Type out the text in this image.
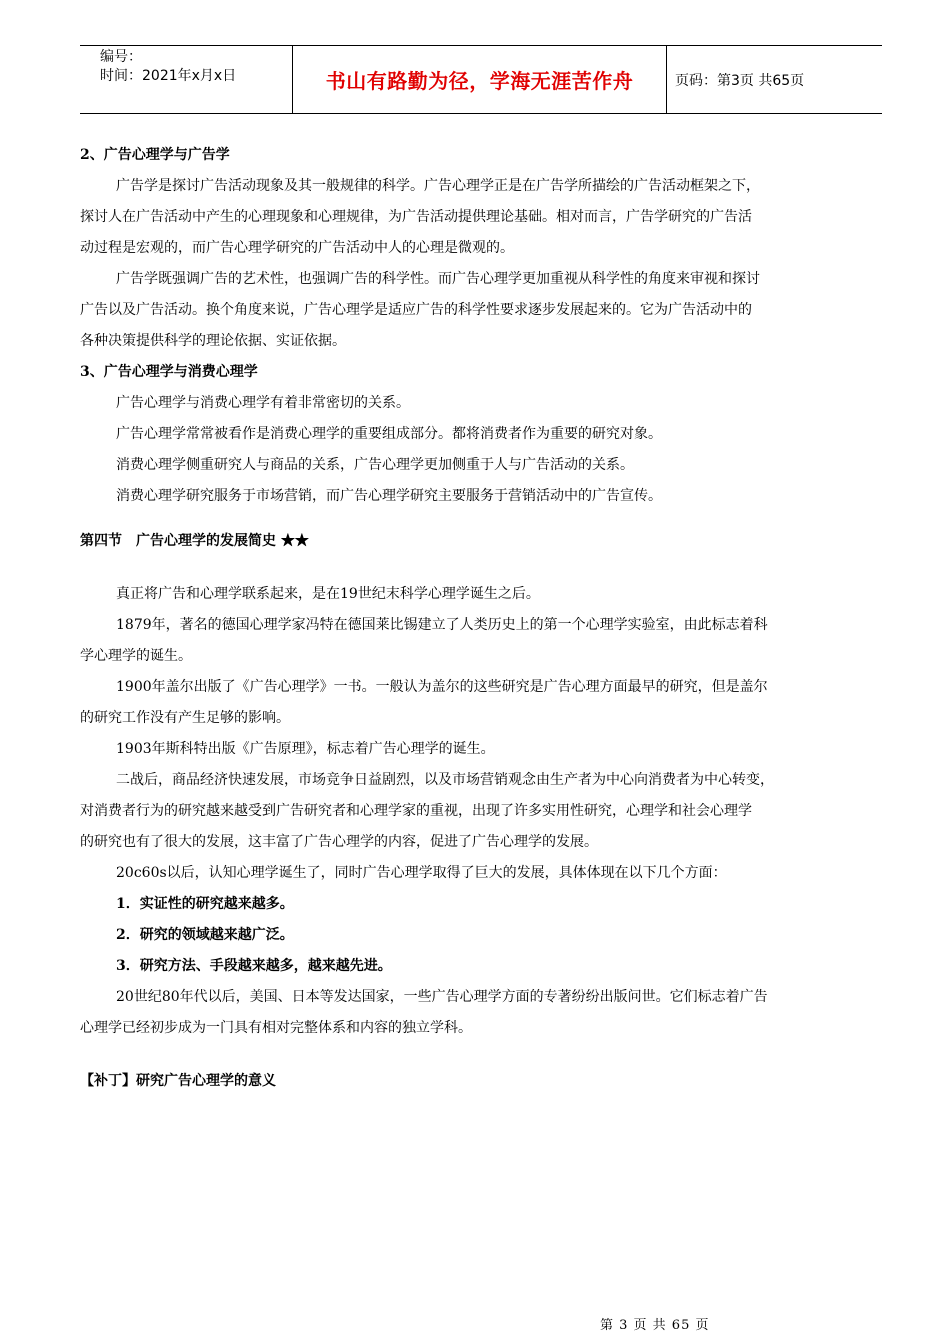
编号：
时间：2021年x月x日	书山有路勤为径，学海无涯苦作舟	页码：第3页 共65页
2、广告心理学与广告学
广告学是探讨广告活动现象及其一般规律的科学。广告心理学正是在广告学所描绘的广告活动框架之下，
探讨人在广告活动中产生的心理现象和心理规律，为广告活动提供理论基础。相对而言，广告学研究的广告活
动过程是宏观的，而广告心理学研究的广告活动中人的心理是微观的。
广告学既强调广告的艺术性，也强调广告的科学性。而广告心理学更加重视从科学性的角度来审视和探讨
广告以及广告活动。换个角度来说，广告心理学是适应广告的科学性要求逐步发展起来的。它为广告活动中的
各种决策提供科学的理论依据、实证依据。
3、广告心理学与消费心理学
广告心理学与消费心理学有着非常密切的关系。
广告心理学常常被看作是消费心理学的重要组成部分。都将消费者作为重要的研究对象。
消费心理学侧重研究人与商品的关系，广告心理学更加侧重于人与广告活动的关系。
消费心理学研究服务于市场营销，而广告心理学研究主要服务于营销活动中的广告宣传。
第四节　广告心理学的发展简史 ★★
真正将广告和心理学联系起来，是在19世纪末科学心理学诞生之后。
1879年，著名的德国心理学家冯特在德国莱比锡建立了人类历史上的第一个心理学实验室，由此标志着科
学心理学的诞生。
1900年盖尔出版了《广告心理学》一书。一般认为盖尔的这些研究是广告心理方面最早的研究，但是盖尔
的研究工作没有产生足够的影响。
1903年斯科特出版《广告原理》，标志着广告心理学的诞生。
二战后，商品经济快速发展，市场竞争日益剧烈，以及市场营销观念由生产者为中心向消费者为中心转变，
对消费者行为的研究越来越受到广告研究者和心理学家的重视，出现了许多实用性研究，心理学和社会心理学
的研究也有了很大的发展，这丰富了广告心理学的内容，促进了广告心理学的发展。
20c60s以后，认知心理学诞生了，同时广告心理学取得了巨大的发展，具体体现在以下几个方面：
1．实证性的研究越来越多。
2．研究的领域越来越广泛。
3．研究方法、手段越来越多，越来越先进。
20世纪80年代以后，美国、日本等发达国家，一些广告心理学方面的专著纷纷出版问世。它们标志着广告
心理学已经初步成为一门具有相对完整体系和内容的独立学科。
【补丁】研究广告心理学的意义
第 3 页 共 65 页
